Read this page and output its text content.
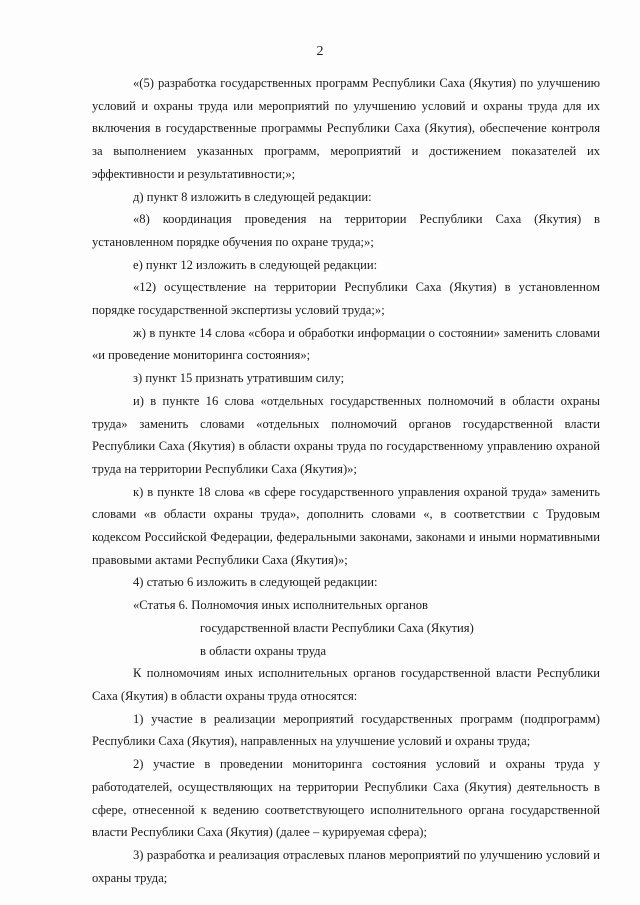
2

«(5) разработка государственных программ Республики Саха (Якутия) по улучшению условий и охраны труда или мероприятий по улучшению условий и охраны труда для их включения в государственные программы Республики Саха (Якутия), обеспечение контроля за выполнением указанных программ, мероприятий и достижением показателей их эффективности и результативности;»;

д) пункт 8 изложить в следующей редакции:

«8) координация проведения на территории Республики Саха (Якутия) в установленном порядке обучения по охране труда;»;

е) пункт 12 изложить в следующей редакции:

«12) осуществление на территории Республики Саха (Якутия) в установленном порядке государственной экспертизы условий труда;»;

ж) в пункте 14 слова «сбора и обработки информации о состоянии» заменить словами «и проведение мониторинга состояния»;

з) пункт 15 признать утратившим силу;

и) в пункте 16 слова «отдельных государственных полномочий в области охраны труда» заменить словами «отдельных полномочий органов государственной власти Республики Саха (Якутия) в области охраны труда по государственному управлению охраной труда на территории Республики Саха (Якутия)»;

к) в пункте 18 слова «в сфере государственного управления охраной труда» заменить словами «в области охраны труда», дополнить словами «, в соответствии с Трудовым кодексом Российской Федерации, федеральными законами, законами и иными нормативными правовыми актами Республики Саха (Якутия)»;

4) статью 6 изложить в следующей редакции:

«Статья 6. Полномочия иных исполнительных органов

государственной власти Республики Саха (Якутия)

в области охраны труда

К полномочиям иных исполнительных органов государственной власти Республики Саха (Якутия) в области охраны труда относятся:

1) участие в реализации мероприятий государственных программ (подпрограмм) Республики Саха (Якутия), направленных на улучшение условий и охраны труда;

2) участие в проведении мониторинга состояния условий и охраны труда у работодателей, осуществляющих на территории Республики Саха (Якутия) деятельность в сфере, отнесенной к ведению соответствующего исполнительного органа государственной власти Республики Саха (Якутия) (далее – курируемая сфера);

3) разработка и реализация отраслевых планов мероприятий по улучшению условий и охраны труда;
